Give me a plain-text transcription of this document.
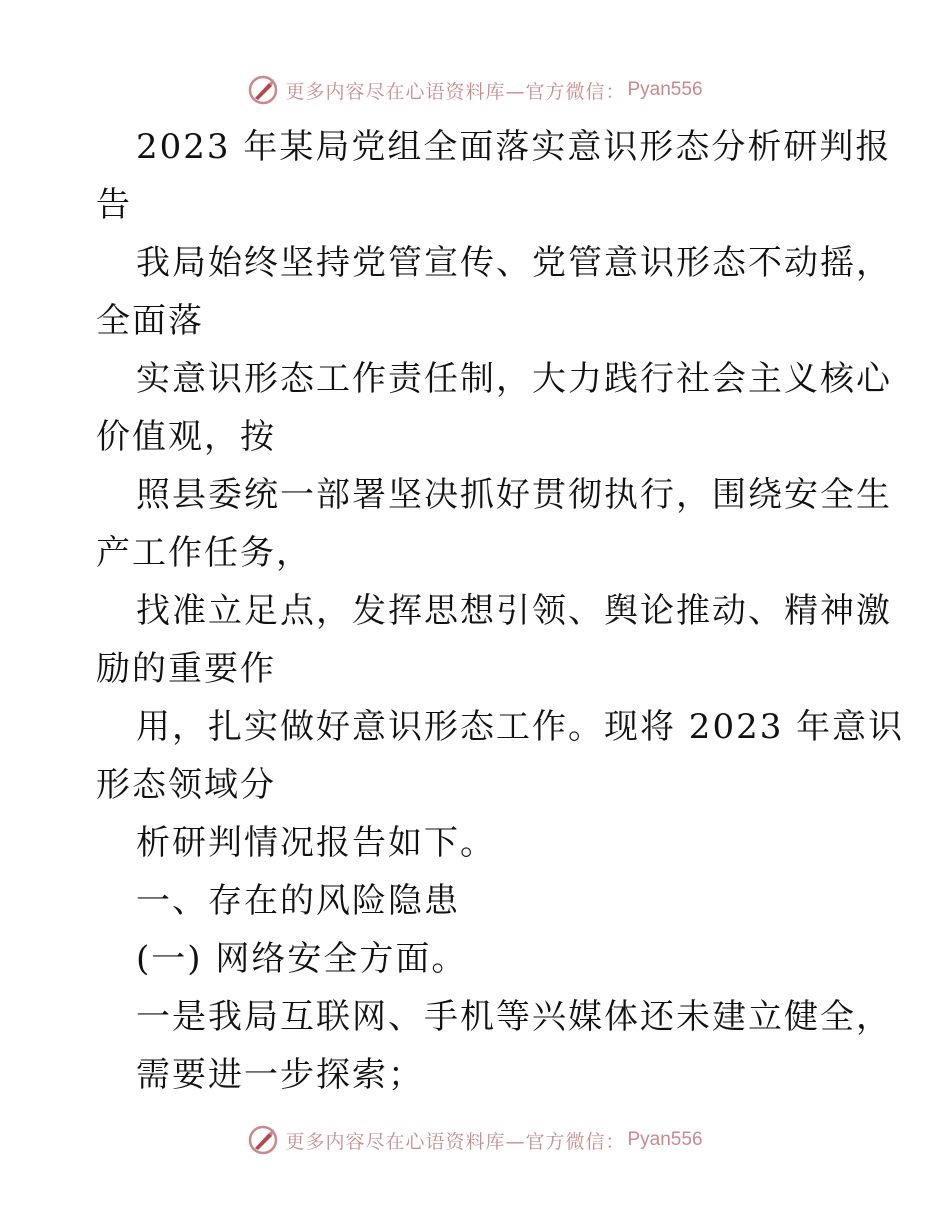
更多内容尽在心语资料库—官方微信： Pyan556
2023 年某局党组全面落实意识形态分析研判报
告
我局始终坚持党管宣传、党管意识形态不动摇，
全面落
实意识形态工作责任制，大力践行社会主义核心
价值观，按
照县委统一部署坚决抓好贯彻执行，围绕安全生
产工作任务，
找准立足点，发挥思想引领、舆论推动、精神激
励的重要作
用，扎实做好意识形态工作。现将 2023 年意识
形态领域分
析研判情况报告如下。
一、存在的风险隐患
(一) 网络安全方面。
一是我局互联网、手机等兴媒体还未建立健全，
需要进一步探索；
更多内容尽在心语资料库—官方微信： Pyan556
